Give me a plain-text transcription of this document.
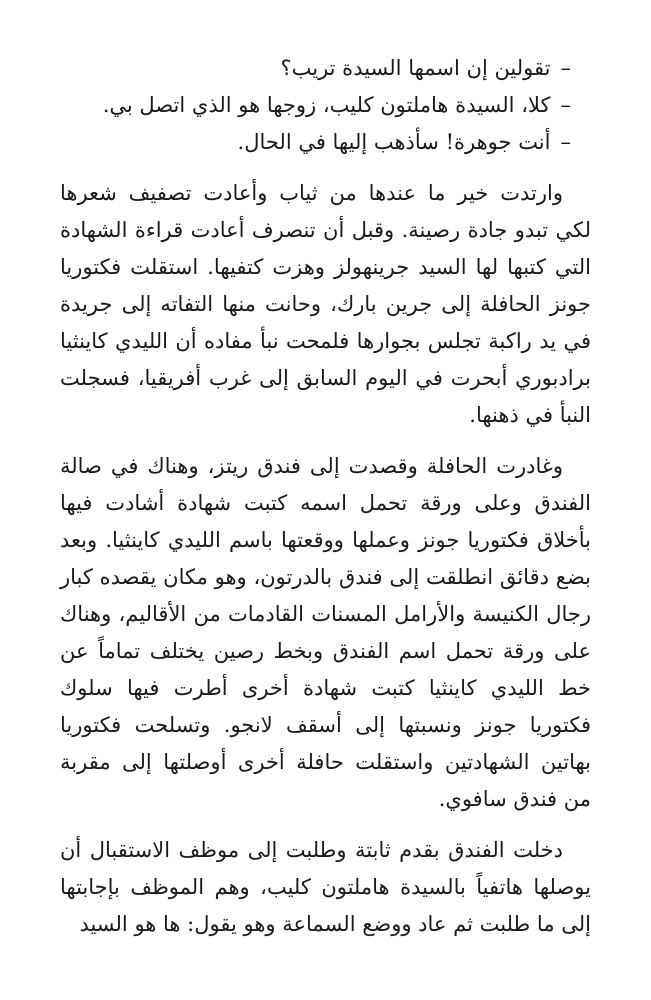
–تقولين إن اسمها السيدة تريب؟
–كلا، السيدة هاملتون كليب، زوجها هو الذي اتصل بي.
–أنت جوهرة! سأذهب إليها في الحال.

وارتدت خير ما عندها من ثياب وأعادت تصفيف شعرها لكي تبدو جادة رصينة. وقبل أن تنصرف أعادت قراءة الشهادة التي كتبها لها السيد جرينهولز وهزت كتفيها. استقلت فكتوريا جونز الحافلة إلى جرين بارك، وحانت منها التفاته إلى جريدة في يد راكبة تجلس بجوارها فلمحت نبأ مفاده أن الليدي كاينثيا برادبوري أبحرت في اليوم السابق إلى غرب أفريقيا، فسجلت النبأ في ذهنها.

وغادرت الحافلة وقصدت إلى فندق ريتز، وهناك في صالة الفندق وعلى ورقة تحمل اسمه كتبت شهادة أشادت فيها بأخلاق فكتوريا جونز وعملها ووقعتها باسم الليدي كاينثيا. وبعد بضع دقائق انطلقت إلى فندق بالدرتون، وهو مكان يقصده كبار رجال الكنيسة والأرامل المسنات القادمات من الأقاليم، وهناك على ورقة تحمل اسم الفندق وبخط رصين يختلف تماماً عن خط الليدي كاينثيا كتبت شهادة أخرى أطرت فيها سلوك فكتوريا جونز ونسبتها إلى أسقف لانجو. وتسلحت فكتوريا بهاتين الشهادتين واستقلت حافلة أخرى أوصلتها إلى مقربة من فندق سافوي.

دخلت الفندق بقدم ثابتة وطلبت إلى موظف الاستقبال أن يوصلها هاتفياً بالسيدة هاملتون كليب، وهم الموظف بإجابتها إلى ما طلبت ثم عاد ووضع السماعة وهو يقول: ها هو السيد
